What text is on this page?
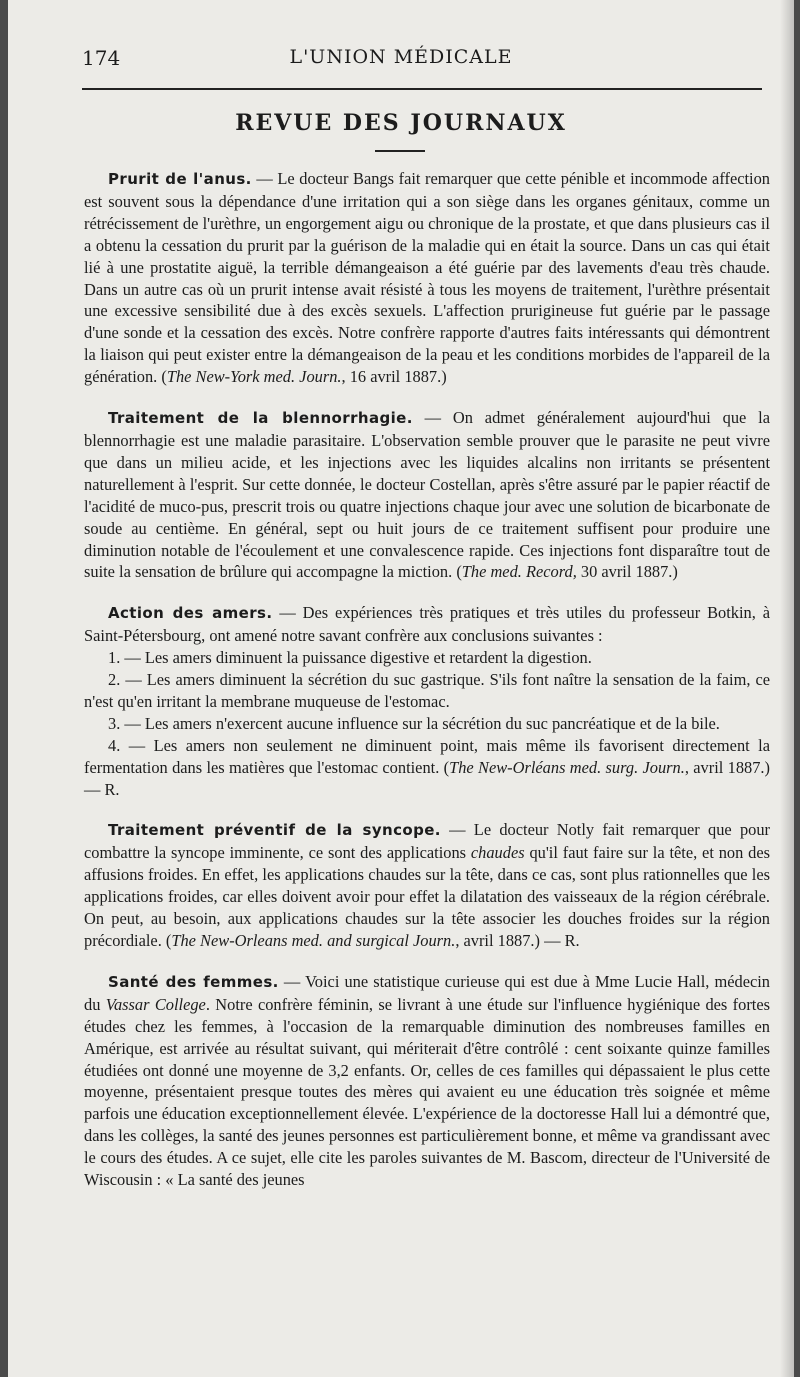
174	L'UNION MÉDICALE
REVUE DES JOURNAUX

Prurit de l'anus. — Le docteur Bangs fait remarquer que cette pénible et incommode affection est souvent sous la dépendance d'une irritation qui a son siège dans les organes génitaux, comme un rétrécissement de l'urèthre, un engorgement aigu ou chronique de la prostate, et que dans plusieurs cas il a obtenu la cessation du prurit par la guérison de la maladie qui en était la source. Dans un cas qui était lié à une prostatite aiguë, la terrible démangeaison a été guérie par des lavements d'eau très chaude. Dans un autre cas où un prurit intense avait résisté à tous les moyens de traitement, l'urèthre présentait une excessive sensibilité due à des excès sexuels. L'affection prurigineuse fut guérie par le passage d'une sonde et la cessation des excès. Notre confrère rapporte d'autres faits intéressants qui démontrent la liaison qui peut exister entre la démangeaison de la peau et les conditions morbides de l'appareil de la génération. (The New-York med. Journ., 16 avril 1887.)

Traitement de la blennorrhagie. — On admet généralement aujourd'hui que la blennorrhagie est une maladie parasitaire. L'observation semble prouver que le parasite ne peut vivre que dans un milieu acide, et les injections avec les liquides alcalins non irritants se présentent naturellement à l'esprit. Sur cette donnée, le docteur Costellan, après s'être assuré par le papier réactif de l'acidité de muco-pus, prescrit trois ou quatre injections chaque jour avec une solution de bicarbonate de soude au centième. En général, sept ou huit jours de ce traitement suffisent pour produire une diminution notable de l'écoulement et une convalescence rapide. Ces injections font disparaître tout de suite la sensation de brûlure qui accompagne la miction. (The med. Record, 30 avril 1887.)

Action des amers. — Des expériences très pratiques et très utiles du professeur Botkin, à Saint-Pétersbourg, ont amené notre savant confrère aux conclusions suivantes :

1. — Les amers diminuent la puissance digestive et retardent la digestion.

2. — Les amers diminuent la sécrétion du suc gastrique. S'ils font naître la sensation de la faim, ce n'est qu'en irritant la membrane muqueuse de l'estomac.

3. — Les amers n'exercent aucune influence sur la sécrétion du suc pancréatique et de la bile.

4. — Les amers non seulement ne diminuent point, mais même ils favorisent directement la fermentation dans les matières que l'estomac contient. (The New-Orléans med. surg. Journ., avril 1887.) — R.

Traitement préventif de la syncope. — Le docteur Notly fait remarquer que pour combattre la syncope imminente, ce sont des applications chaudes qu'il faut faire sur la tête, et non des affusions froides. En effet, les applications chaudes sur la tête, dans ce cas, sont plus rationnelles que les applications froides, car elles doivent avoir pour effet la dilatation des vaisseaux de la région cérébrale. On peut, au besoin, aux applications chaudes sur la tête associer les douches froides sur la région précordiale. (The New-Orleans med. and surgical Journ., avril 1887.) — R.

Santé des femmes. — Voici une statistique curieuse qui est due à Mme Lucie Hall, médecin du Vassar College. Notre confrère féminin, se livrant à une étude sur l'influence hygiénique des fortes études chez les femmes, à l'occasion de la remarquable diminution des nombreuses familles en Amérique, est arrivée au résultat suivant, qui mériterait d'être contrôlé : cent soixante quinze familles étudiées ont donné une moyenne de 3,2 enfants. Or, celles de ces familles qui dépassaient le plus cette moyenne, présentaient presque toutes des mères qui avaient eu une éducation très soignée et même parfois une éducation exceptionnellement élevée. L'expérience de la doctoresse Hall lui a démontré que, dans les collèges, la santé des jeunes personnes est particulièrement bonne, et même va grandissant avec le cours des études. A ce sujet, elle cite les paroles suivantes de M. Bascom, directeur de l'Université de Wiscousin : « La santé des jeunes
